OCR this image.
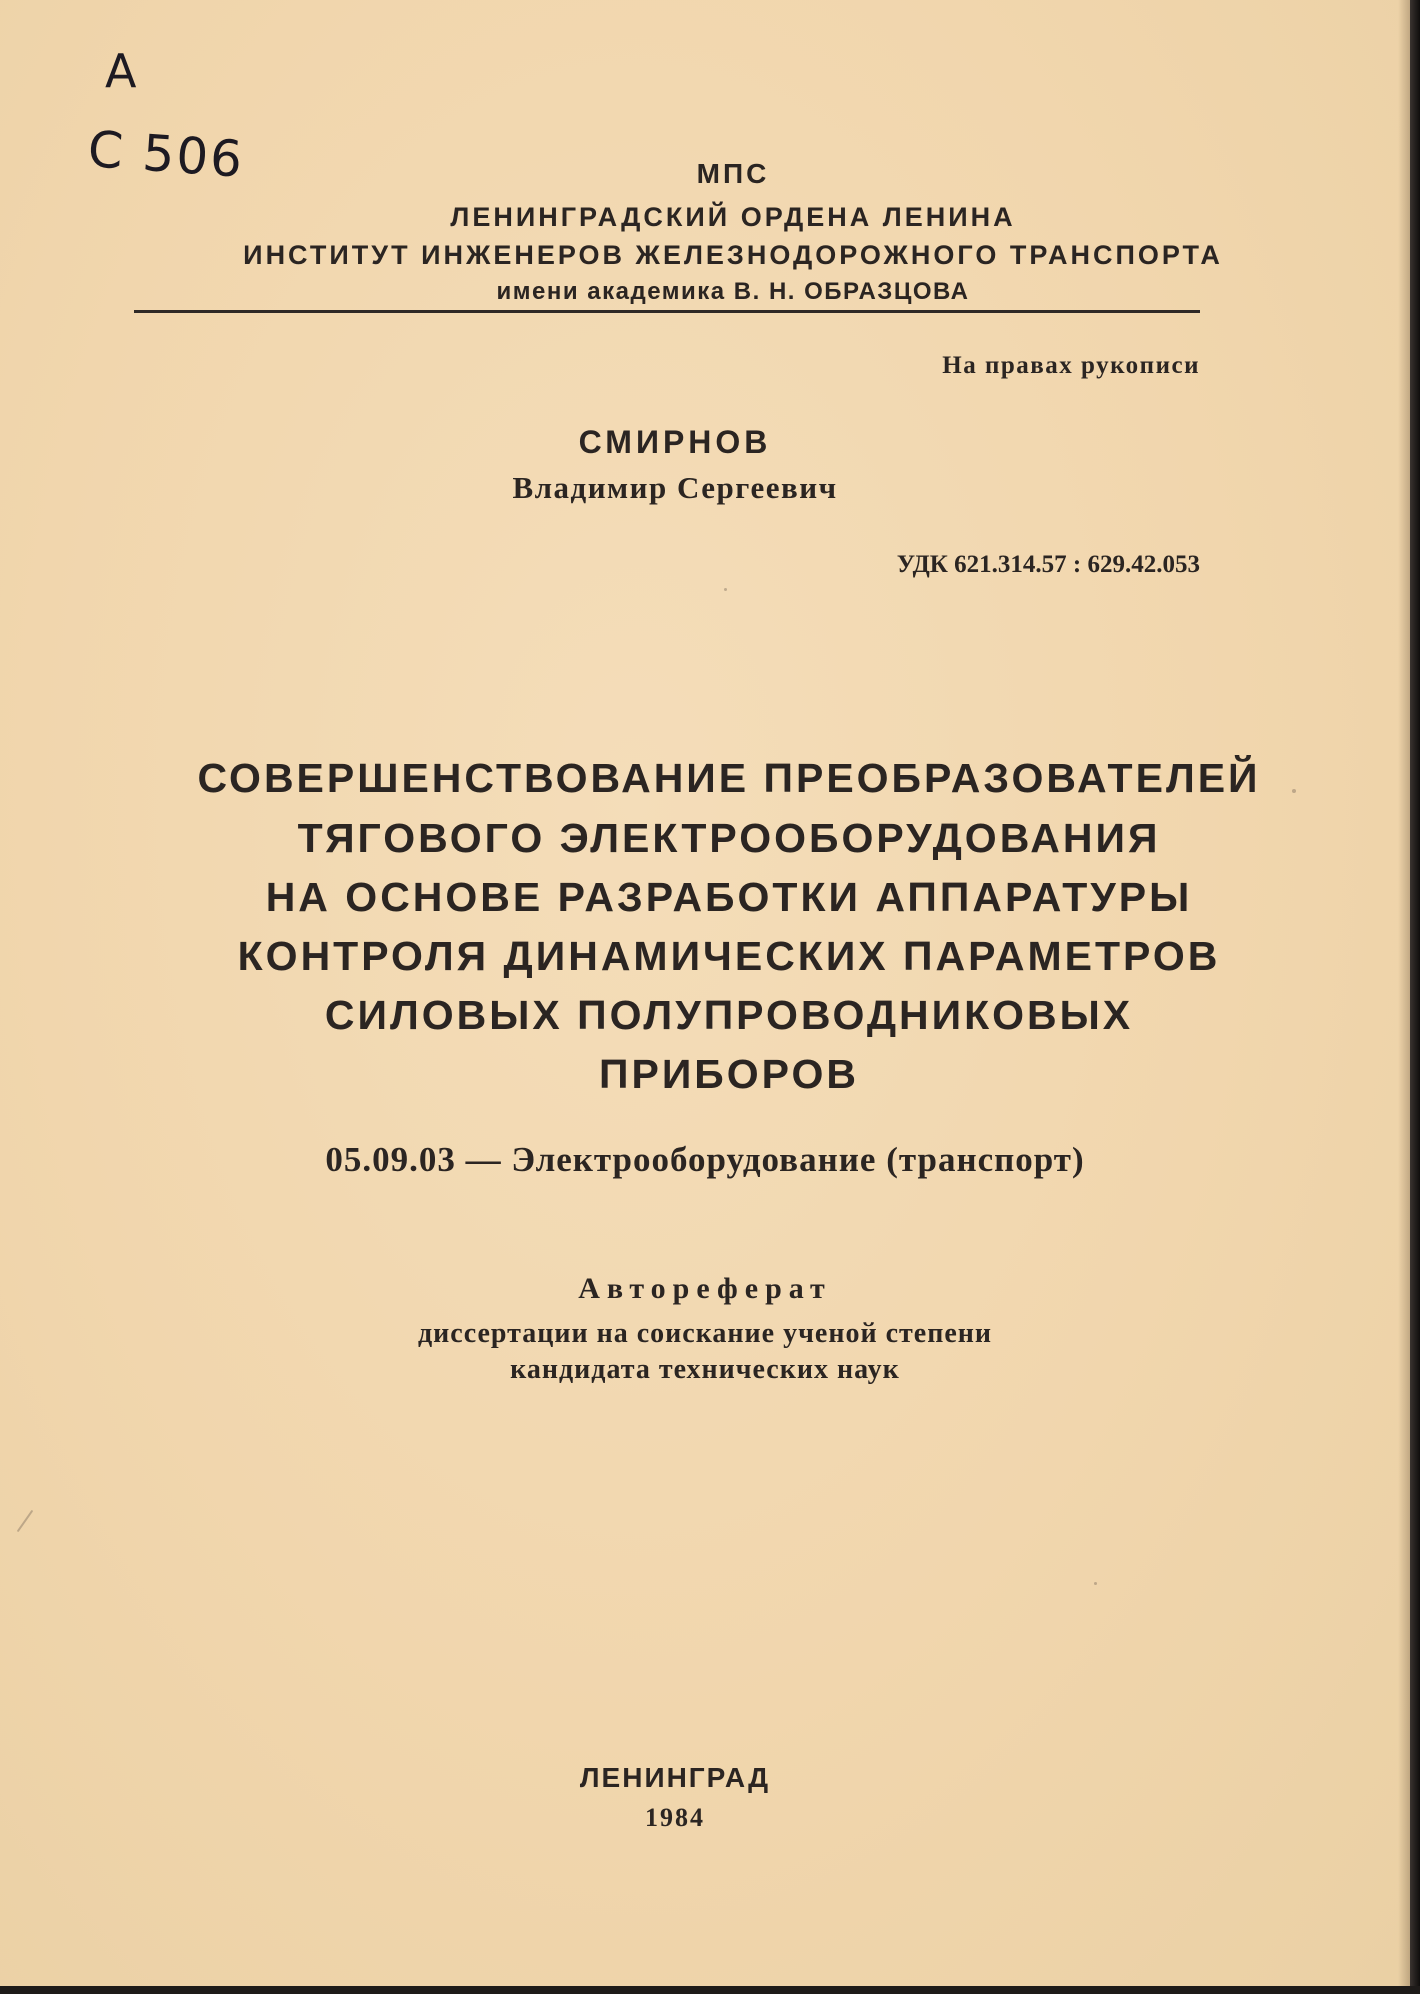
А
С 506	МПС
ЛЕНИНГРАДСКИЙ ОРДЕНА ЛЕНИНА
ИНСТИТУТ ИНЖЕНЕРОВ ЖЕЛЕЗНОДОРОЖНОГО ТРАНСПОРТА
имени академика В. Н. ОБРАЗЦОВА
На правах рукописи
СМИРНОВ
Владимир Сергеевич
УДК 621.314.57 : 629.42.053
СОВЕРШЕНСТВОВАНИЕ ПРЕОБРАЗОВАТЕЛЕЙ
ТЯГОВОГО ЭЛЕКТРООБОРУДОВАНИЯ
НА ОСНОВЕ РАЗРАБОТКИ АППАРАТУРЫ
КОНТРОЛЯ ДИНАМИЧЕСКИХ ПАРАМЕТРОВ
СИЛОВЫХ ПОЛУПРОВОДНИКОВЫХ
ПРИБОРОВ
05.09.03 — Электрооборудование (транспорт)
Автореферат
диссертации на соискание ученой степени
кандидата технических наук
ЛЕНИНГРАД
1984
